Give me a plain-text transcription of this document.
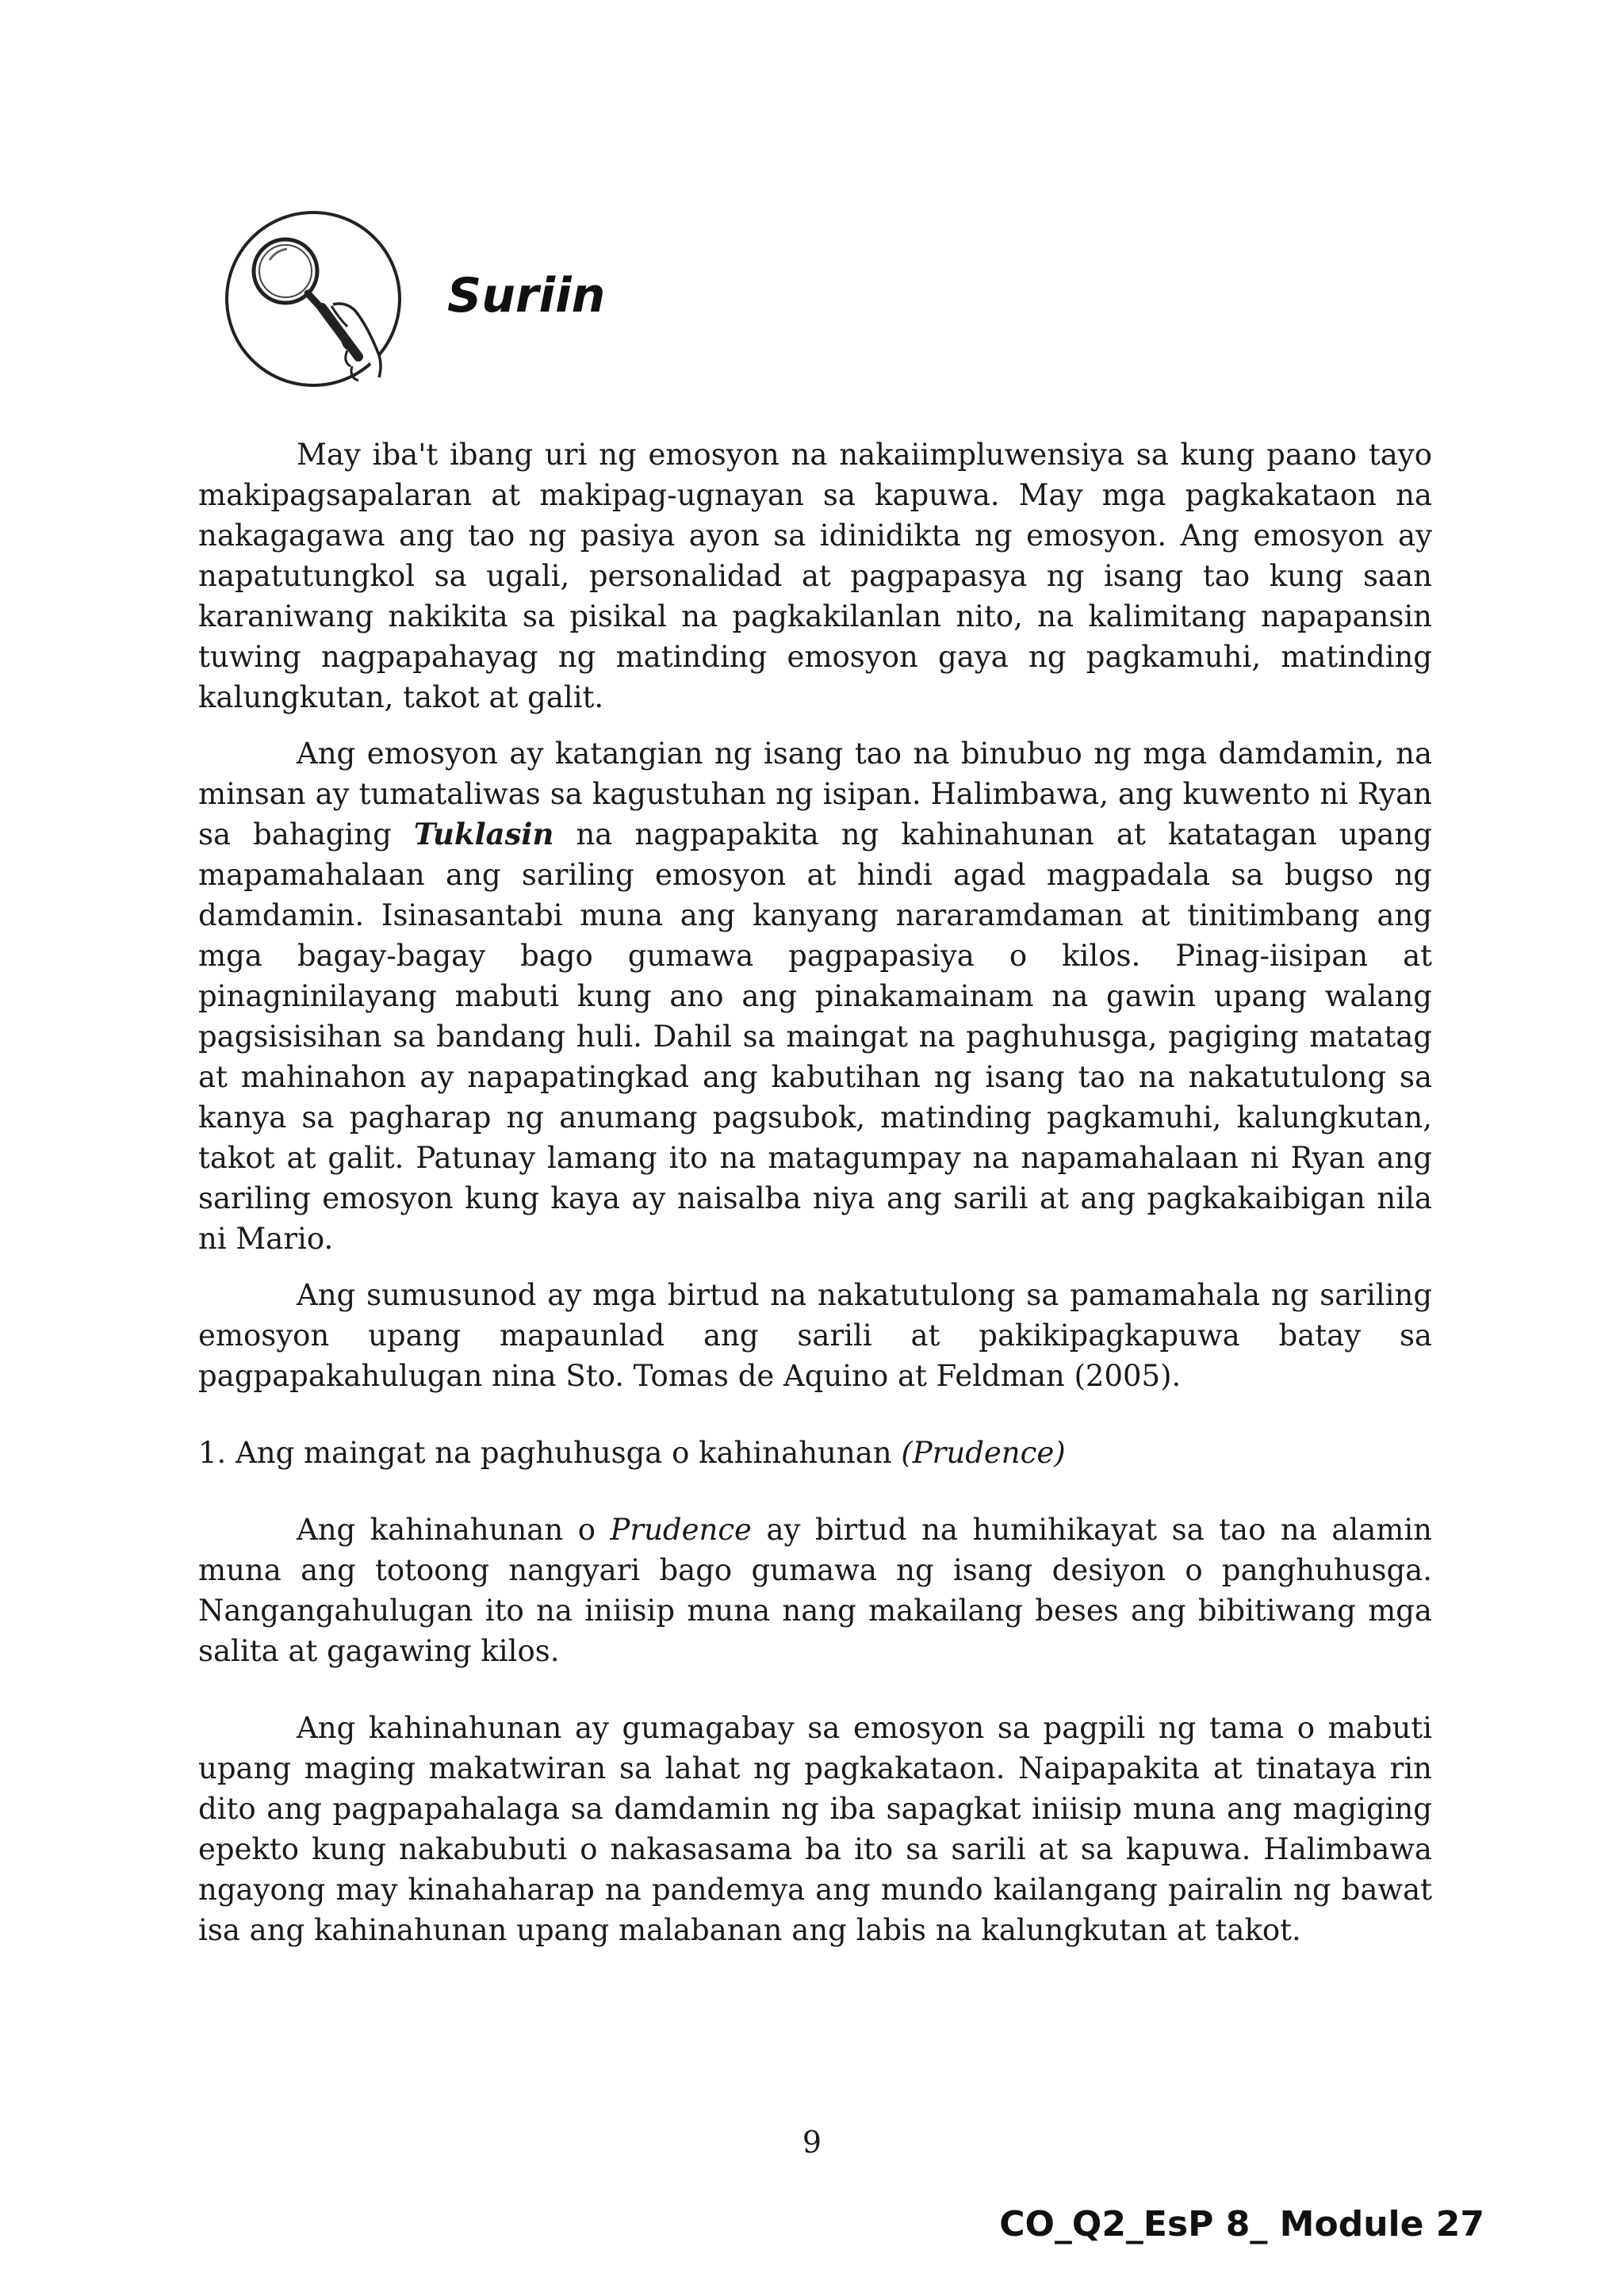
Suriin

May iba't ibang uri ng emosyon na nakaiimpluwensiya sa kung paano tayo makipagsapalaran at makipag-ugnayan sa kapuwa. May mga pagkakataon na nakagagawa ang tao ng pasiya ayon sa idinidikta ng emosyon. Ang emosyon ay napatutungkol sa ugali, personalidad at pagpapasya ng isang tao kung saan karaniwang nakikita sa pisikal na pagkakilanlan nito, na kalimitang napapansin tuwing nagpapahayag ng matinding emosyon gaya ng pagkamuhi, matinding kalungkutan, takot at galit.

Ang emosyon ay katangian ng isang tao na binubuo ng mga damdamin, na minsan ay tumataliwas sa kagustuhan ng isipan. Halimbawa, ang kuwento ni Ryan sa bahaging Tuklasin na nagpapakita ng kahinahunan at katatagan upang mapamahalaan ang sariling emosyon at hindi agad magpadala sa bugso ng damdamin. Isinasantabi muna ang kanyang nararamdaman at tinitimbang ang mga bagay-bagay bago gumawa pagpapasiya o kilos. Pinag-iisipan at pinagninilayang mabuti kung ano ang pinakamainam na gawin upang walang pagsisisihan sa bandang huli. Dahil sa maingat na paghuhusga, pagiging matatag at mahinahon ay napapatingkad ang kabutihan ng isang tao na nakatutulong sa kanya sa pagharap ng anumang pagsubok, matinding pagkamuhi, kalungkutan, takot at galit. Patunay lamang ito na matagumpay na napamahalaan ni Ryan ang sariling emosyon kung kaya ay naisalba niya ang sarili at ang pagkakaibigan nila ni Mario.

Ang sumusunod ay mga birtud na nakatutulong sa pamamahala ng sariling emosyon upang mapaunlad ang sarili at pakikipagkapuwa batay sa pagpapakahulugan nina Sto. Tomas de Aquino at Feldman (2005).

1. Ang maingat na paghuhusga o kahinahunan (Prudence)

Ang kahinahunan o Prudence ay birtud na humihikayat sa tao na alamin muna ang totoong nangyari bago gumawa ng isang desiyon o panghuhusga. Nangangahulugan ito na iniisip muna nang makailang beses ang bibitiwang mga salita at gagawing kilos.

Ang kahinahunan ay gumagabay sa emosyon sa pagpili ng tama o mabuti upang maging makatwiran sa lahat ng pagkakataon. Naipapakita at tinataya rin dito ang pagpapahalaga sa damdamin ng iba sapagkat iniisip muna ang magiging epekto kung nakabubuti o nakasasama ba ito sa sarili at sa kapuwa. Halimbawa ngayong may kinahaharap na pandemya ang mundo kailangang pairalin ng bawat isa ang kahinahunan upang malabanan ang labis na kalungkutan at takot.

9
CO_Q2_EsP 8_ Module 27
